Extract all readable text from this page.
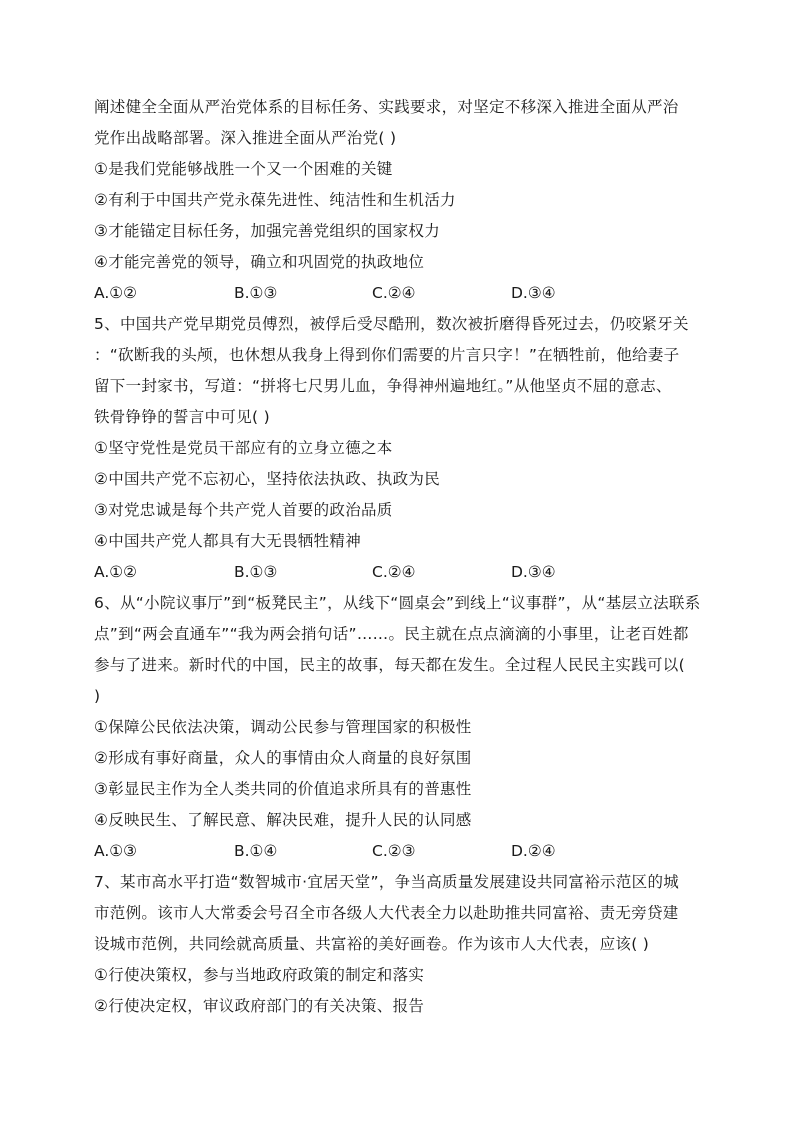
阐述健全全面从严治党体系的目标任务、实践要求，对坚定不移深入推进全面从严治
党作出战略部署。深入推进全面从严治党( )
①是我们党能够战胜一个又一个困难的关键
②有利于中国共产党永葆先进性、纯洁性和生机活力
③才能锚定目标任务，加强完善党组织的国家权力
④才能完善党的领导，确立和巩固党的执政地位
A.①②	B.①③	C.②④	D.③④
5、中国共产党早期党员傅烈，被俘后受尽酷刑，数次被折磨得昏死过去，仍咬紧牙关
：“砍断我的头颅，也休想从我身上得到你们需要的片言只字！”在牺牲前，他给妻子
留下一封家书，写道：“拼将七尺男儿血，争得神州遍地红。”从他坚贞不屈的意志、
铁骨铮铮的誓言中可见( )
①坚守党性是党员干部应有的立身立德之本
②中国共产党不忘初心，坚持依法执政、执政为民
③对党忠诚是每个共产党人首要的政治品质
④中国共产党人都具有大无畏牺牲精神
A.①②	B.①③	C.②④	D.③④
6、从“小院议事厅”到“板凳民主”，从线下“圆桌会”到线上“议事群”，从“基层立法联系
点”到“两会直通车”“我为两会捎句话”……。民主就在点点滴滴的小事里，让老百姓都
参与了进来。新时代的中国，民主的故事，每天都在发生。全过程人民民主实践可以(
)
①保障公民依法决策，调动公民参与管理国家的积极性
②形成有事好商量，众人的事情由众人商量的良好氛围
③彰显民主作为全人类共同的价值追求所具有的普惠性
④反映民生、了解民意、解决民难，提升人民的认同感
A.①③	B.①④	C.②③	D.②④
7、某市高水平打造“数智城市·宜居天堂”，争当高质量发展建设共同富裕示范区的城
市范例。该市人大常委会号召全市各级人大代表全力以赴助推共同富裕、责无旁贷建
设城市范例，共同绘就高质量、共富裕的美好画卷。作为该市人大代表，应该( )
①行使决策权，参与当地政府政策的制定和落实
②行使决定权，审议政府部门的有关决策、报告
